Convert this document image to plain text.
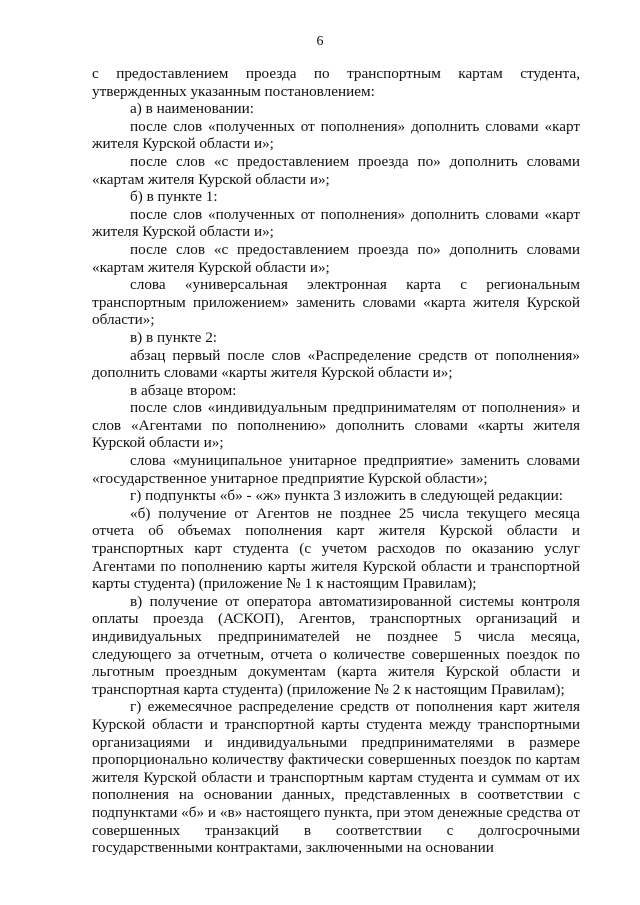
6

с предоставлением проезда по транспортным картам студента, утвержденных указанным постановлением:

а) в наименовании:

после слов «полученных от пополнения» дополнить словами «карт жителя Курской области и»;

после слов «с предоставлением проезда по» дополнить словами «картам жителя Курской области и»;

б) в пункте 1:

после слов «полученных от пополнения» дополнить словами «карт жителя Курской области и»;

после слов «с предоставлением проезда по» дополнить словами «картам жителя Курской области и»;

слова «универсальная электронная карта с региональным транспортным приложением» заменить словами «карта жителя Курской области»;

в) в пункте 2:

абзац первый после слов «Распределение средств от пополнения» дополнить словами «карты жителя Курской области и»;

в абзаце втором:

после слов «индивидуальным предпринимателям от пополнения» и слов «Агентами по пополнению» дополнить словами «карты жителя Курской области и»;

слова «муниципальное унитарное предприятие» заменить словами «государственное унитарное предприятие Курской области»;

г) подпункты «б» - «ж» пункта 3 изложить в следующей редакции:

«б) получение от Агентов не позднее 25 числа текущего месяца отчета об объемах пополнения карт жителя Курской области и транспортных карт студента (с учетом расходов по оказанию услуг Агентами по пополнению карты жителя Курской области и транспортной карты студента) (приложение № 1 к настоящим Правилам);

в) получение от оператора автоматизированной системы контроля оплаты проезда (АСКОП), Агентов, транспортных организаций и индивидуальных предпринимателей не позднее 5 числа месяца, следующего за отчетным, отчета о количестве совершенных поездок по льготным проездным документам (карта жителя Курской области и транспортная карта студента) (приложение № 2 к настоящим Правилам);

г) ежемесячное распределение средств от пополнения карт жителя Курской области и транспортной карты студента между транспортными организациями и индивидуальными предпринимателями в размере пропорционально количеству фактически совершенных поездок по картам жителя Курской области и транспортным картам студента и суммам от их пополнения на основании данных, представленных в соответствии с подпунктами «б» и «в» настоящего пункта, при этом денежные средства от совершенных транзакций в соответствии с долгосрочными государственными контрактами, заключенными на основании
